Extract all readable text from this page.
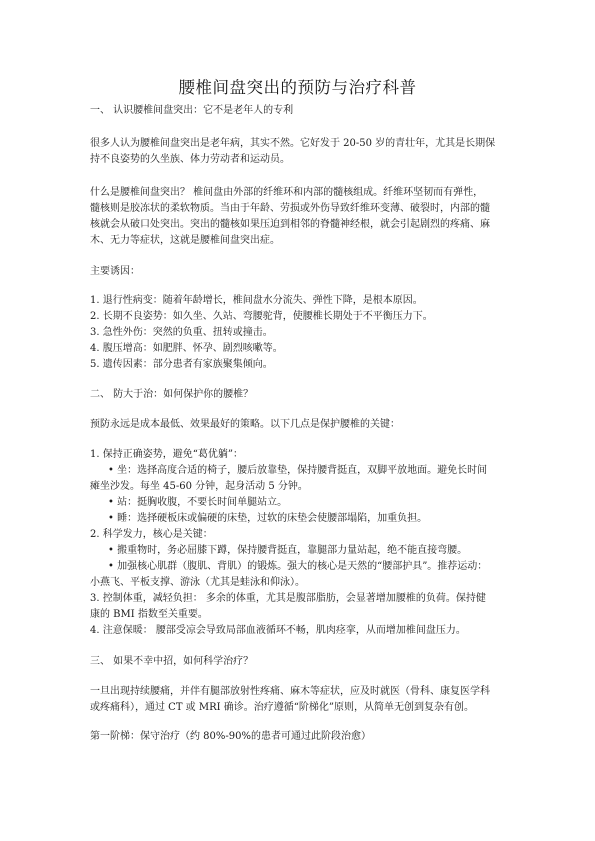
腰椎间盘突出的预防与治疗科普
一、 认识腰椎间盘突出：它不是老年人的专利
很多人认为腰椎间盘突出是老年病，其实不然。它好发于 20-50 岁的青壮年，尤其是长期保
持不良姿势的久坐族、体力劳动者和运动员。
什么是腰椎间盘突出？ 椎间盘由外部的纤维环和内部的髓核组成。纤维环坚韧而有弹性，
髓核则是胶冻状的柔软物质。当由于年龄、劳损或外伤导致纤维环变薄、破裂时，内部的髓
核就会从破口处突出。突出的髓核如果压迫到相邻的脊髓神经根，就会引起剧烈的疼痛、麻
木、无力等症状，这就是腰椎间盘突出症。
主要诱因：
1. 退行性病变：随着年龄增长，椎间盘水分流失、弹性下降，是根本原因。
2. 长期不良姿势：如久坐、久站、弯腰驼背，使腰椎长期处于不平衡压力下。
3. 急性外伤：突然的负重、扭转或撞击。
4. 腹压增高：如肥胖、怀孕、剧烈咳嗽等。
5. 遗传因素：部分患者有家族聚集倾向。
二、 防大于治：如何保护你的腰椎？
预防永远是成本最低、效果最好的策略。以下几点是保护腰椎的关键：
1. 保持正确姿势，避免“葛优躺”：
• 坐：选择高度合适的椅子，腰后放靠垫，保持腰背挺直，双脚平放地面。避免长时间
瘫坐沙发。每坐 45-60 分钟，起身活动 5 分钟。
• 站：挺胸收腹，不要长时间单腿站立。
• 睡：选择硬板床或偏硬的床垫，过软的床垫会使腰部塌陷，加重负担。
2. 科学发力，核心是关键：
• 搬重物时，务必屈膝下蹲，保持腰背挺直，靠腿部力量站起，绝不能直接弯腰。
• 加强核心肌群（腹肌、背肌）的锻炼。强大的核心是天然的“腰部护具”。推荐运动：
小燕飞、平板支撑、游泳（尤其是蛙泳和仰泳）。
3. 控制体重，减轻负担： 多余的体重，尤其是腹部脂肪，会显著增加腰椎的负荷。保持健
康的 BMI 指数至关重要。
4. 注意保暖： 腰部受凉会导致局部血液循环不畅，肌肉痉挛，从而增加椎间盘压力。
三、 如果不幸中招，如何科学治疗？
一旦出现持续腰痛，并伴有腿部放射性疼痛、麻木等症状，应及时就医（骨科、康复医学科
或疼痛科），通过 CT 或 MRI 确诊。治疗遵循“阶梯化”原则，从简单无创到复杂有创。
第一阶梯：保守治疗（约 80%-90%的患者可通过此阶段治愈）
